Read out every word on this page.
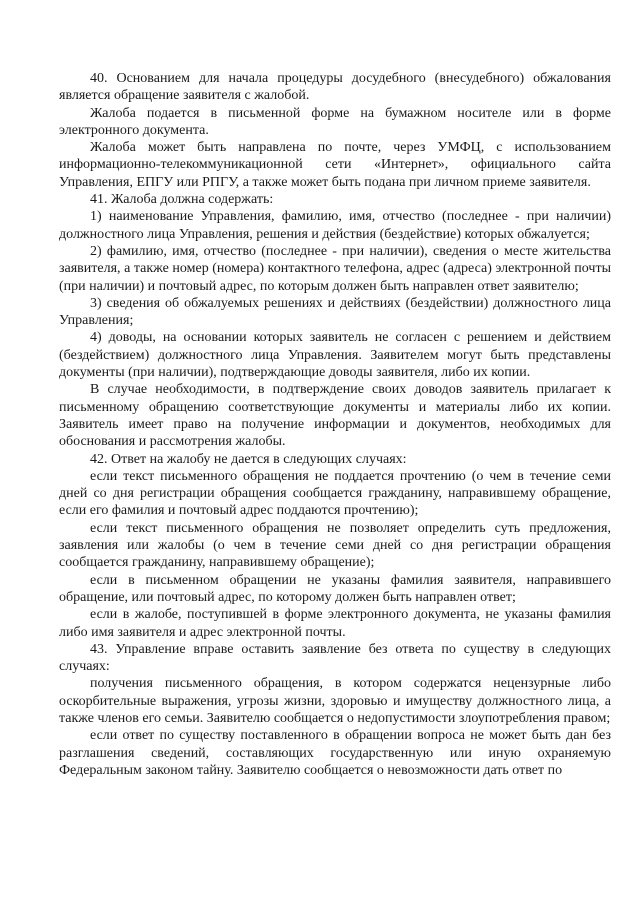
40. Основанием для начала процедуры досудебного (внесудебного) обжалования является обращение заявителя с жалобой.

Жалоба подается в письменной форме на бумажном носителе или в форме электронного документа.

Жалоба может быть направлена по почте, через УМФЦ, с использованием информационно-телекоммуникационной сети «Интернет», официального сайта Управления, ЕПГУ или РПГУ, а также может быть подана при личном приеме заявителя.

41. Жалоба должна содержать:

1) наименование Управления, фамилию, имя, отчество (последнее - при наличии) должностного лица Управления, решения и действия (бездействие) которых обжалуется;

2) фамилию, имя, отчество (последнее - при наличии), сведения о месте жительства заявителя, а также номер (номера) контактного телефона, адрес (адреса) электронной почты (при наличии) и почтовый адрес, по которым должен быть направлен ответ заявителю;

3) сведения об обжалуемых решениях и действиях (бездействии) должностного лица Управления;

4) доводы, на основании которых заявитель не согласен с решением и действием (бездействием) должностного лица Управления. Заявителем могут быть представлены документы (при наличии), подтверждающие доводы заявителя, либо их копии.

В случае необходимости, в подтверждение своих доводов заявитель прилагает к письменному обращению соответствующие документы и материалы либо их копии. Заявитель имеет право на получение информации и документов, необходимых для обоснования и рассмотрения жалобы.

42. Ответ на жалобу не дается в следующих случаях:

если текст письменного обращения не поддается прочтению (о чем в течение семи дней со дня регистрации обращения сообщается гражданину, направившему обращение, если его фамилия и почтовый адрес поддаются прочтению);

если текст письменного обращения не позволяет определить суть предложения, заявления или жалобы (о чем в течение семи дней со дня регистрации обращения сообщается гражданину, направившему обращение);

если в письменном обращении не указаны фамилия заявителя, направившего обращение, или почтовый адрес, по которому должен быть направлен ответ;

если в жалобе, поступившей в форме электронного документа, не указаны фамилия либо имя заявителя и адрес электронной почты.

43. Управление вправе оставить заявление без ответа по существу в следующих случаях:

получения письменного обращения, в котором содержатся нецензурные либо оскорбительные выражения, угрозы жизни, здоровью и имуществу должностного лица, а также членов его семьи. Заявителю сообщается о недопустимости злоупотребления правом;

если ответ по существу поставленного в обращении вопроса не может быть дан без разглашения сведений, составляющих государственную или иную охраняемую Федеральным законом тайну. Заявителю сообщается о невозможности дать ответ по
